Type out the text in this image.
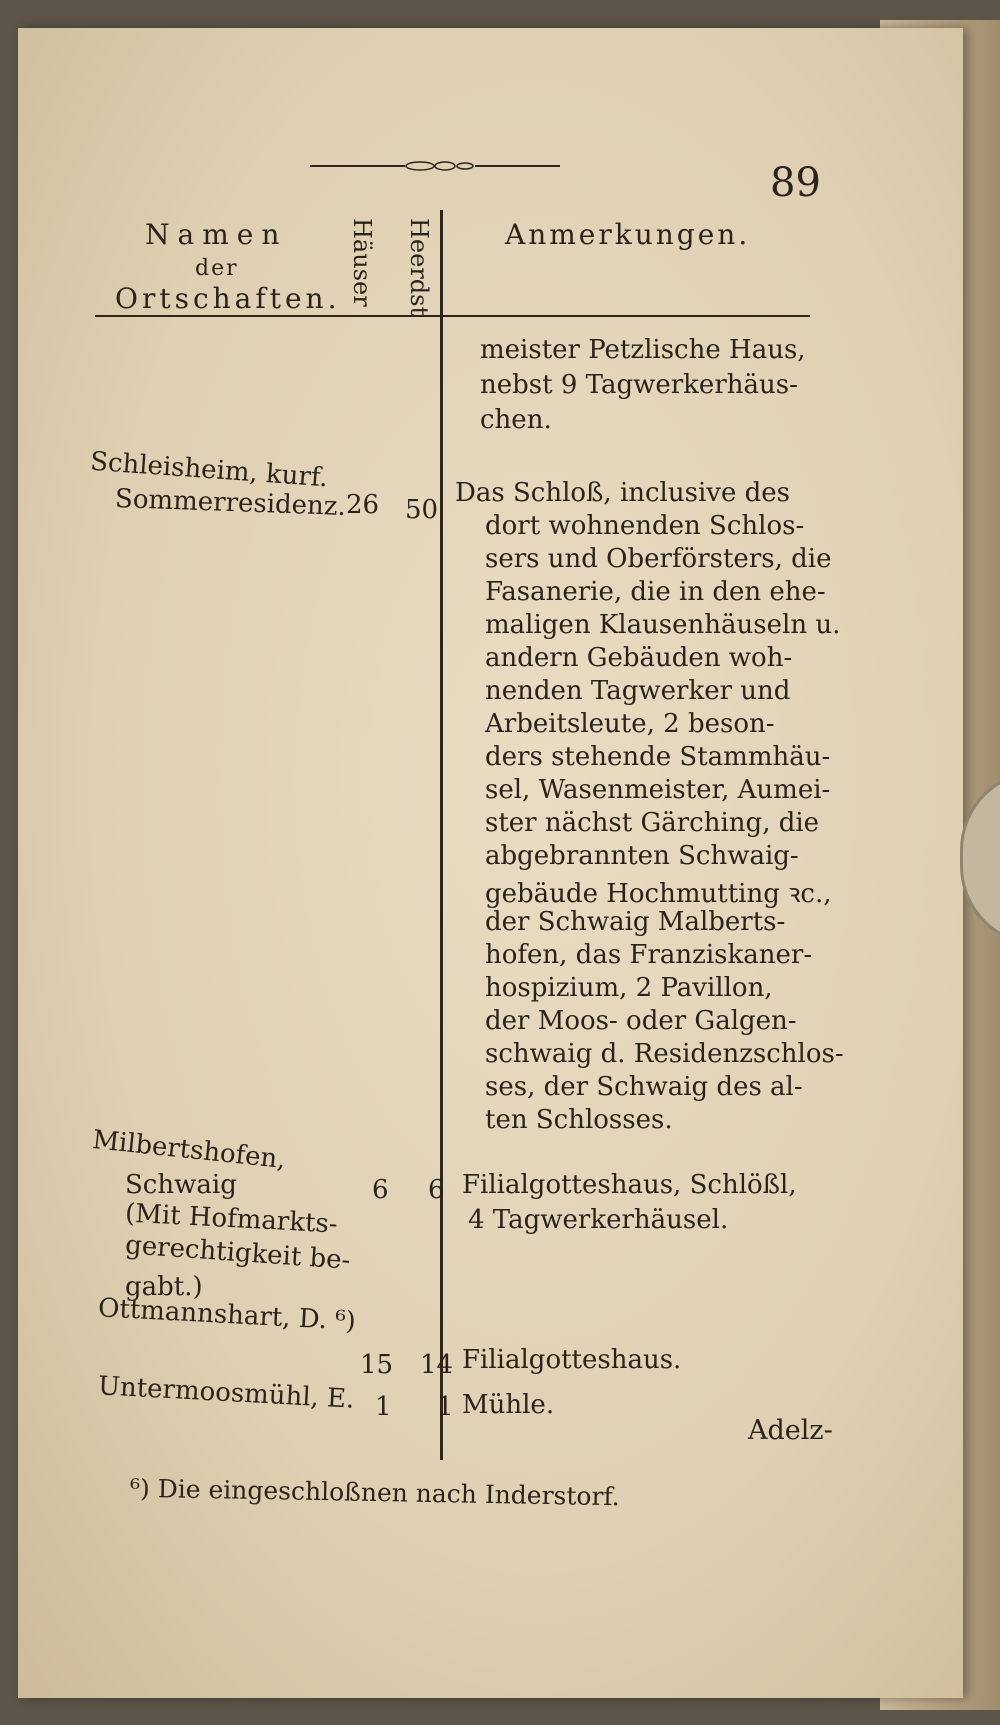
89
Namen
der
Ortschaften. Häuser Heerdst	Anmerkungen.
meister Petzlische Haus,
nebst 9 Tagwerkerhäus-
chen.
Schleisheim, kurf.
Sommerresidenz. 26 50
Das Schloß, inclusive des
dort wohnenden Schlos-
sers und Oberförsters, die
Fasanerie, die in den ehe-
maligen Klausenhäuseln u.
andern Gebäuden woh-
nenden Tagwerker und
Arbeitsleute, 2 beson-
ders stehende Stammhäu-
sel, Wasenmeister, Aumei-
ster nächst Gärching, die
abgebrannten Schwaig-
gebäude Hochmutting ꝛc.,
der Schwaig Malberts-
hofen, das Franziskaner-
hospizium, 2 Pavillon,
der Moos- oder Galgen-
schwaig d. Residenzschlos-
ses, der Schwaig des al-
ten Schlosses.
Milbertshofen,
Schwaig
(Mit Hofmarkts-
gerechtigkeit be-
gabt.)
6 6 Filialgotteshaus, Schlößl,
4 Tagwerkerhäusel.
Ottmannshart, D. ⁶)
15 14 Filialgotteshaus.
Untermoosmühl, E. 1 1 Mühle.
Adelz-
⁶) Die eingeschloßnen nach Inderstorf.
